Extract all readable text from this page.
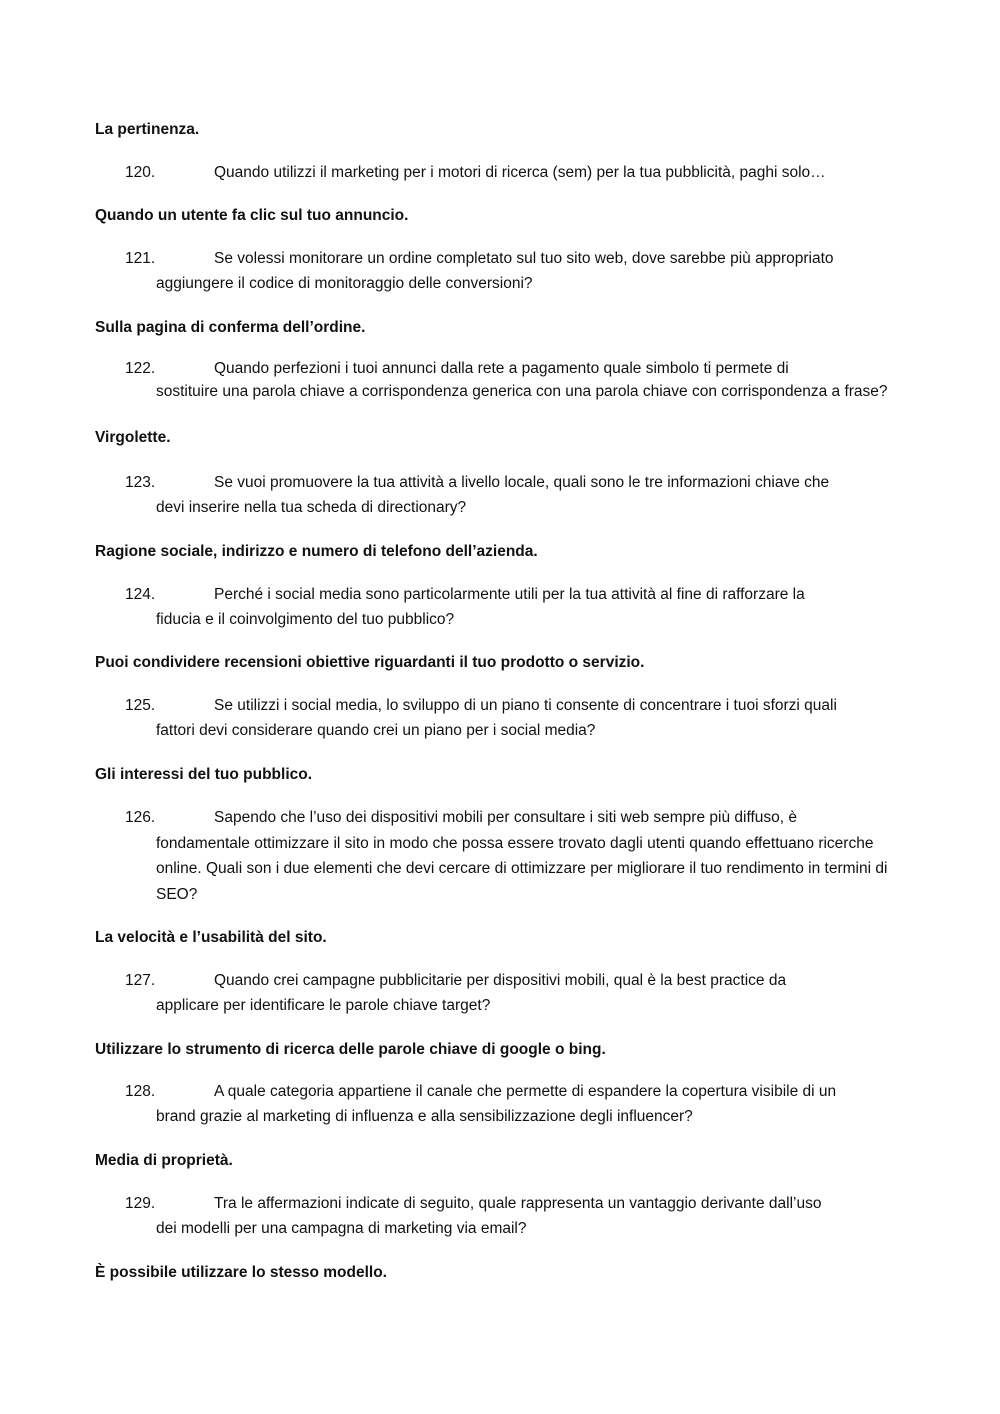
La pertinenza.
120.	Quando utilizzi il marketing per i motori di ricerca (sem) per la tua pubblicità, paghi solo…
Quando un utente fa clic sul tuo annuncio.
121.	Se volessi monitorare un ordine completato sul tuo sito web, dove sarebbe più appropriato
aggiungere il codice di monitoraggio delle conversioni?
Sulla pagina di conferma dell’ordine.
122.	Quando perfezioni i tuoi annunci dalla rete a pagamento quale simbolo ti permete di
sostituire una parola chiave a corrispondenza generica con una parola chiave con corrispondenza a frase?
Virgolette.
123.	Se vuoi promuovere la tua attività a livello locale, quali sono le tre informazioni chiave che
devi inserire nella tua scheda di directionary?
Ragione sociale, indirizzo e numero di telefono dell’azienda.
124.	Perché i social media sono particolarmente utili per la tua attività al fine di rafforzare la
fiducia e il coinvolgimento del tuo pubblico?
Puoi condividere recensioni obiettive riguardanti il tuo prodotto o servizio.
125.	Se utilizzi i social media, lo sviluppo di un piano ti consente di concentrare i tuoi sforzi quali
fattori devi considerare quando crei un piano per i social media?
Gli interessi del tuo pubblico.
126.	Sapendo che l’uso dei dispositivi mobili per consultare i siti web sempre più diffuso, è
fondamentale ottimizzare il sito in modo che possa essere trovato dagli utenti quando effettuano ricerche online. Quali son i due elementi che devi cercare di ottimizzare per migliorare il tuo rendimento in termini di SEO?
La velocità e l’usabilità del sito.
127.	Quando crei campagne pubblicitarie per dispositivi mobili, qual è la best practice da
applicare per identificare le parole chiave target?
Utilizzare lo strumento di ricerca delle parole chiave di google o bing.
128.	A quale categoria appartiene il canale che permette di espandere la copertura visibile di un
brand grazie al marketing di influenza e alla sensibilizzazione degli influencer?
Media di proprietà.
129.	Tra le affermazioni indicate di seguito, quale rappresenta un vantaggio derivante dall’uso
dei modelli per una campagna di marketing via email?
È possibile utilizzare lo stesso modello.
